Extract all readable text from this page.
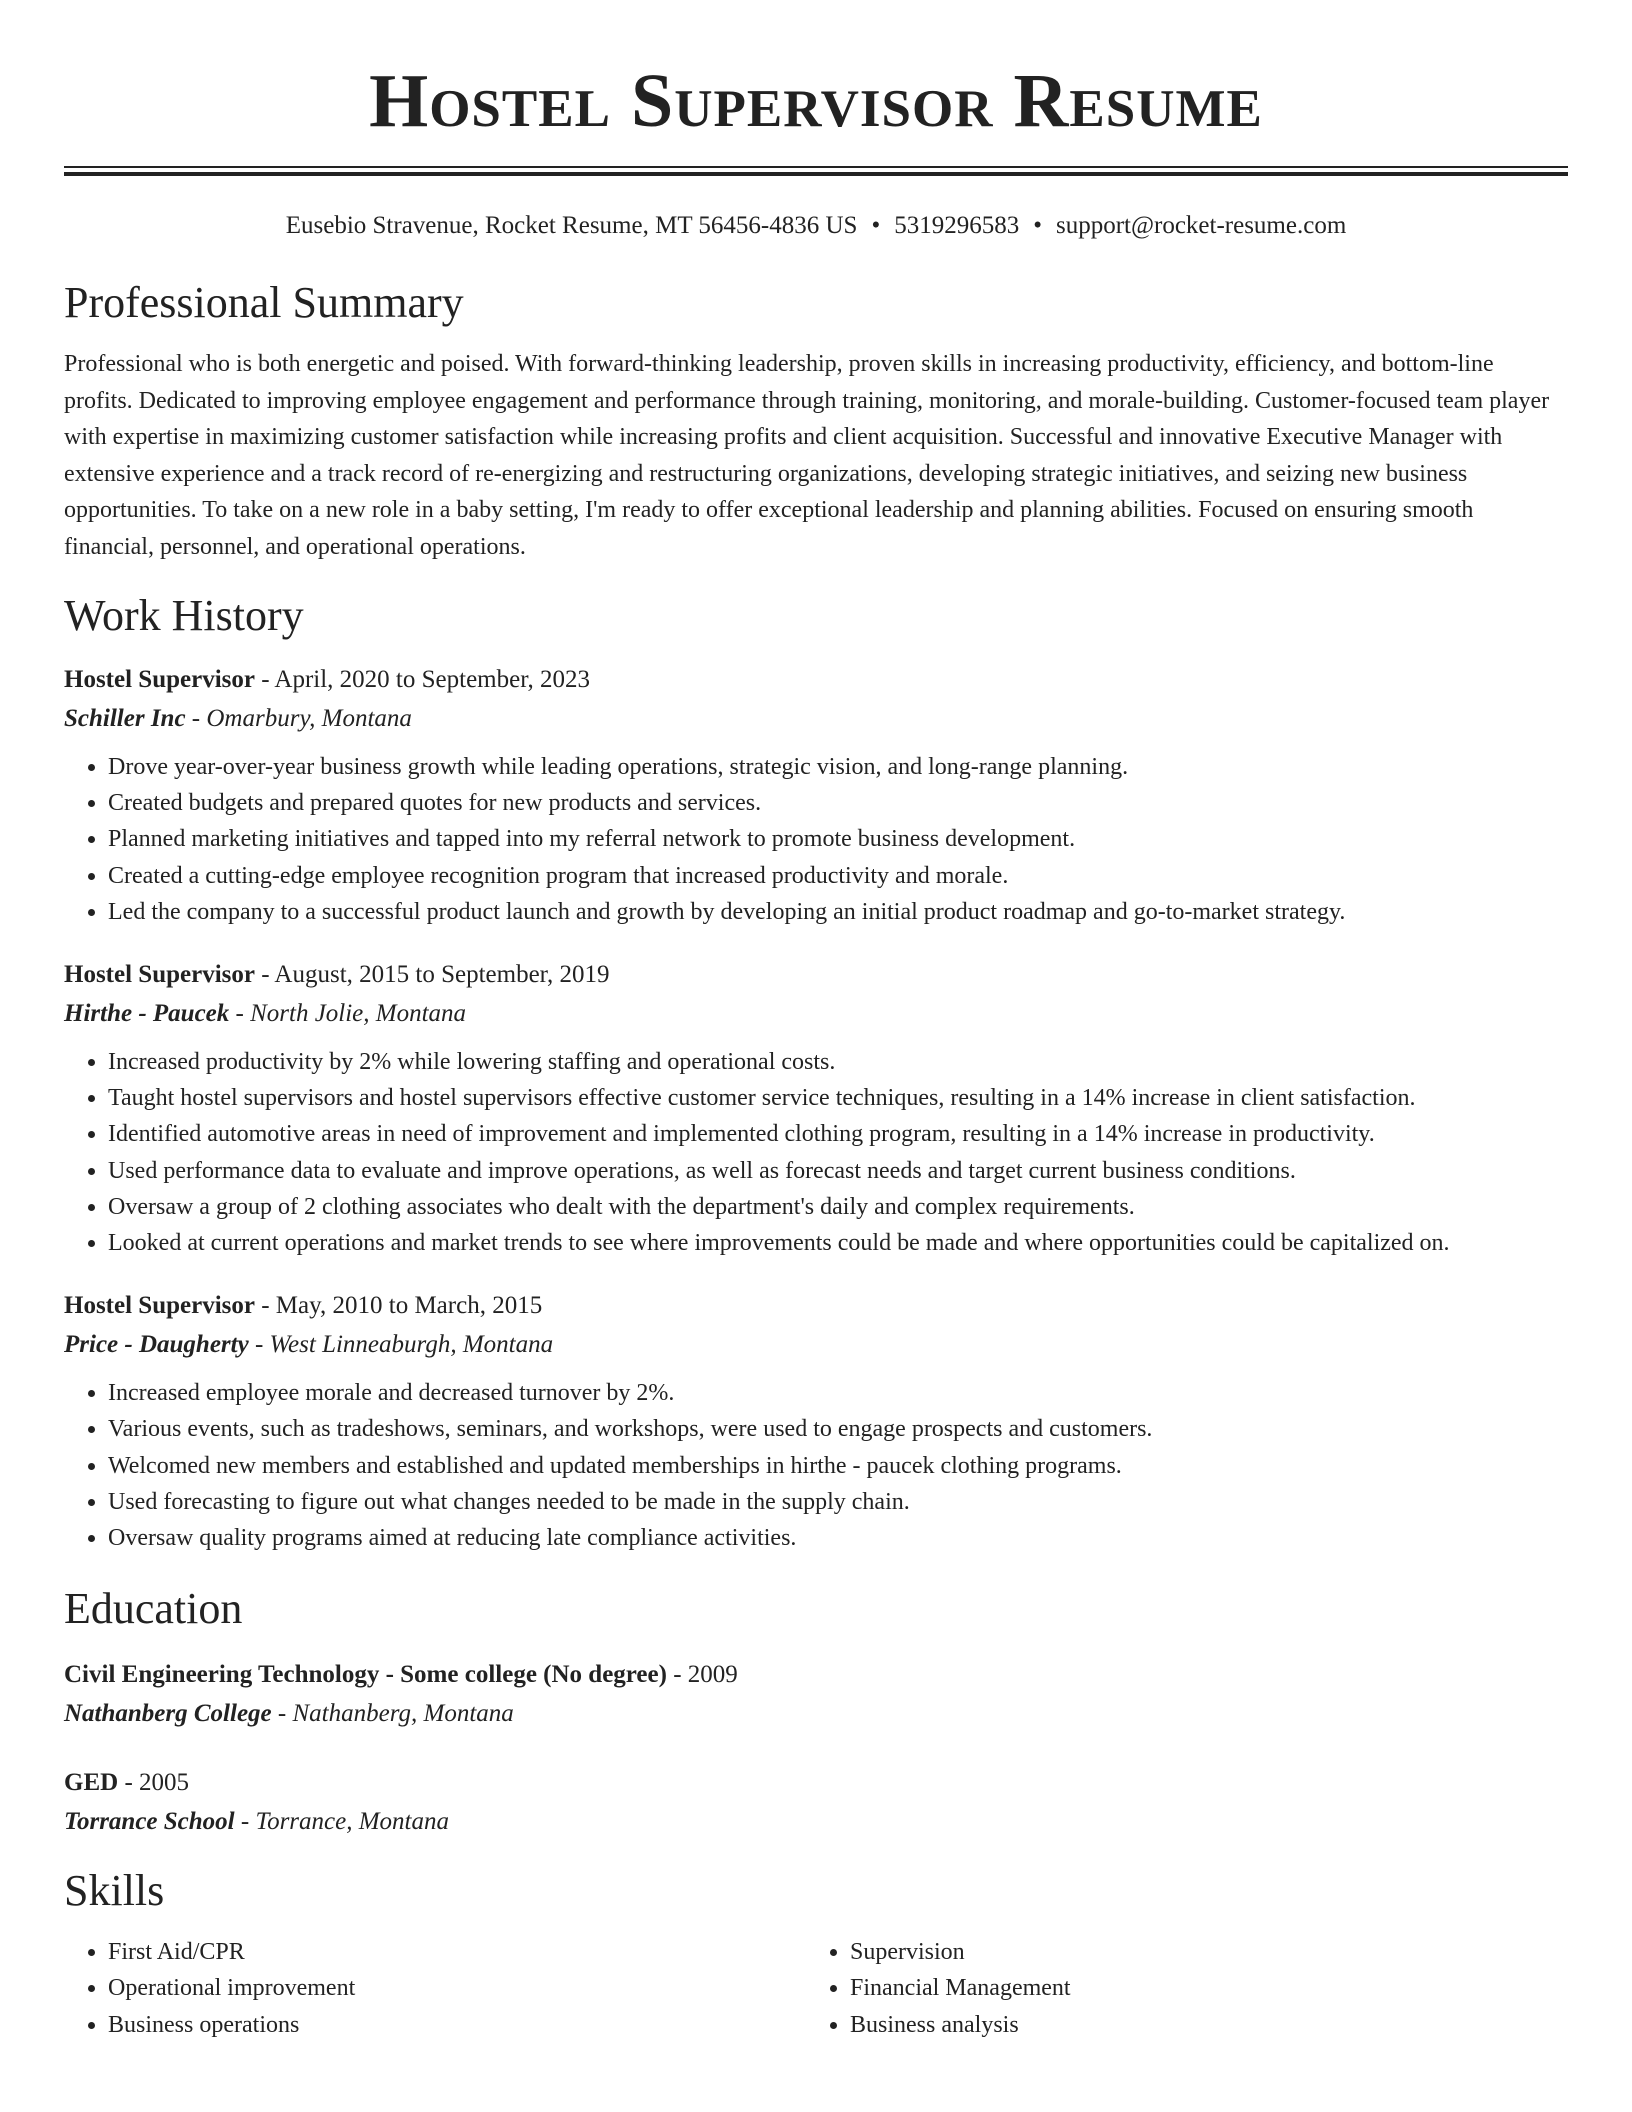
Hostel Supervisor Resume
Eusebio Stravenue, Rocket Resume, MT 56456-4836 US • 5319296583 • support@rocket-resume.com
Professional Summary
Professional who is both energetic and poised. With forward-thinking leadership, proven skills in increasing productivity, efficiency, and bottom-line profits. Dedicated to improving employee engagement and performance through training, monitoring, and morale-building. Customer-focused team player with expertise in maximizing customer satisfaction while increasing profits and client acquisition. Successful and innovative Executive Manager with extensive experience and a track record of re-energizing and restructuring organizations, developing strategic initiatives, and seizing new business opportunities. To take on a new role in a baby setting, I'm ready to offer exceptional leadership and planning abilities. Focused on ensuring smooth financial, personnel, and operational operations.
Work History
Hostel Supervisor - April, 2020 to September, 2023
Schiller Inc - Omarbury, Montana
• Drove year-over-year business growth while leading operations, strategic vision, and long-range planning.
• Created budgets and prepared quotes for new products and services.
• Planned marketing initiatives and tapped into my referral network to promote business development.
• Created a cutting-edge employee recognition program that increased productivity and morale.
• Led the company to a successful product launch and growth by developing an initial product roadmap and go-to-market strategy.
Hostel Supervisor - August, 2015 to September, 2019
Hirthe - Paucek - North Jolie, Montana
• Increased productivity by 2% while lowering staffing and operational costs.
• Taught hostel supervisors and hostel supervisors effective customer service techniques, resulting in a 14% increase in client satisfaction.
• Identified automotive areas in need of improvement and implemented clothing program, resulting in a 14% increase in productivity.
• Used performance data to evaluate and improve operations, as well as forecast needs and target current business conditions.
• Oversaw a group of 2 clothing associates who dealt with the department's daily and complex requirements.
• Looked at current operations and market trends to see where improvements could be made and where opportunities could be capitalized on.
Hostel Supervisor - May, 2010 to March, 2015
Price - Daugherty - West Linneaburgh, Montana
• Increased employee morale and decreased turnover by 2%.
• Various events, such as tradeshows, seminars, and workshops, were used to engage prospects and customers.
• Welcomed new members and established and updated memberships in hirthe - paucek clothing programs.
• Used forecasting to figure out what changes needed to be made in the supply chain.
• Oversaw quality programs aimed at reducing late compliance activities.
Education
Civil Engineering Technology - Some college (No degree) - 2009
Nathanberg College - Nathanberg, Montana
GED - 2005
Torrance School - Torrance, Montana
Skills
• First Aid/CPR
• Operational improvement
• Business operations
• Supervision
• Financial Management
• Business analysis
